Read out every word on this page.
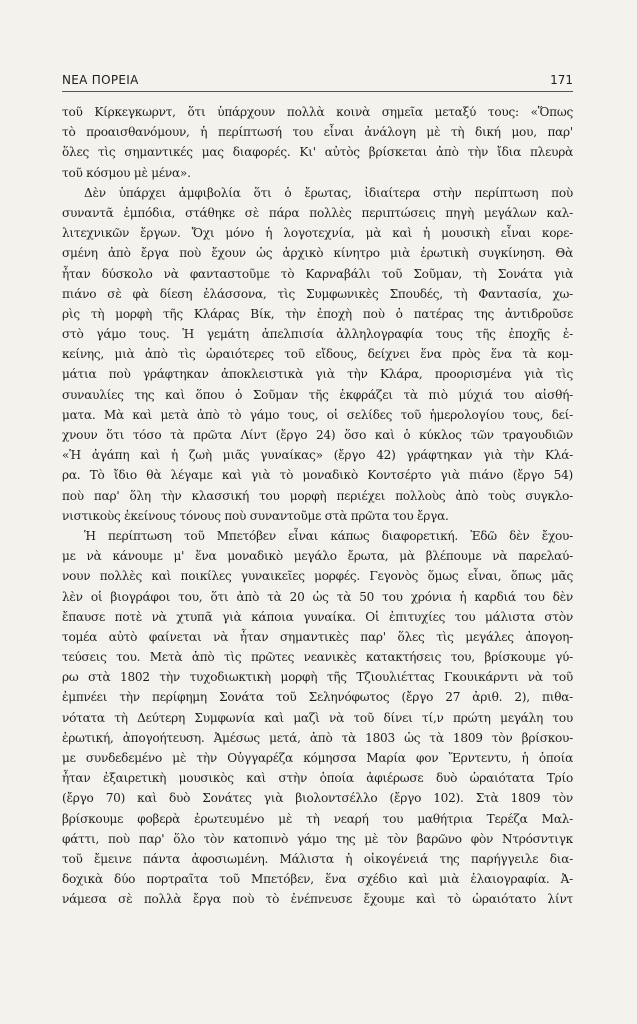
ΝΕΑ ΠΟΡΕΙΑ	171
τοῦ Κίρκεγκωρντ, ὅτι ὑπάρχουν πολλὰ κοινὰ σημεῖα μεταξύ τους: «Ὅπως
τὸ προαισθανόμουν, ἡ περίπτωσή του εἶναι ἀνάλογη μὲ τὴ δική μου, παρ'
ὅλες τὶς σημαντικές μας διαφορές. Κι' αὐτὸς βρίσκεται ἀπὸ τὴν ἴδια πλευρὰ
τοῦ κόσμου μὲ μένα».
Δὲν ὑπάρχει ἀμφιβολία ὅτι ὁ ἔρωτας, ἰδιαίτερα στὴν περίπτωση ποὺ
συναντᾶ ἐμπόδια, στάθηκε σὲ πάρα πολλὲς περιπτώσεις πηγὴ μεγάλων καλ-
λιτεχνικῶν ἔργων. Ὄχι μόνο ἡ λογοτεχνία, μὰ καὶ ἡ μουσικὴ εἶναι κορε-
σμένη ἀπὸ ἔργα ποὺ ἔχουν ὡς ἀρχικὸ κίνητρο μιὰ ἐρωτικὴ συγκίνηση. Θὰ
ἦταν δύσκολο νὰ φανταστοῦμε τὸ Καρναβάλι τοῦ Σοῦμαν, τὴ Σονάτα γιὰ
πιάνο σὲ φὰ δίεση ἐλάσσονα, τὶς Συμφωνικὲς Σπουδές, τὴ Φαντασία, χω-
ρὶς τὴ μορφὴ τῆς Κλάρας Βίκ, τὴν ἐποχὴ ποὺ ὁ πατέρας της ἀντιδροῦσε
στὸ γάμο τους. Ἡ γεμάτη ἀπελπισία ἀλληλογραφία τους τῆς ἐποχῆς ἐ-
κείνης, μιὰ ἀπὸ τὶς ὡραιότερες τοῦ εἴδους, δείχνει ἕνα πρὸς ἕνα τὰ κομ-
μάτια ποὺ γράφτηκαν ἀποκλειστικὰ γιὰ τὴν Κλάρα, προορισμένα γιὰ τὶς
συναυλίες της καὶ ὅπου ὁ Σοῦμαν τῆς ἐκφράζει τὰ πιὸ μύχιά του αἰσθή-
ματα. Μὰ καὶ μετὰ ἀπὸ τὸ γάμο τους, οἱ σελίδες τοῦ ἡμερολογίου τους, δεί-
χνουν ὅτι τόσο τὰ πρῶτα Λίντ (ἔργο 24) ὅσο καὶ ὁ κύκλος τῶν τραγουδιῶν
«Ἡ ἀγάπη καὶ ἡ ζωὴ μιᾶς γυναίκας» (ἔργο 42) γράφτηκαν γιὰ τὴν Κλά-
ρα. Τὸ ἴδιο θὰ λέγαμε καὶ γιὰ τὸ μοναδικὸ Κοντσέρτο γιὰ πιάνο (ἔργο 54)
ποὺ παρ' ὅλη τὴν κλασσική του μορφὴ περιέχει πολλοὺς ἀπὸ τοὺς συγκλο-
νιστικοὺς ἐκείνους τόνους ποὺ συναντοῦμε στὰ πρῶτα του ἔργα.
Ἡ περίπτωση τοῦ Μπετόβεν εἶναι κάπως διαφορετική. Ἐδῶ δὲν ἔχου-
με νὰ κάνουμε μ' ἕνα μοναδικὸ μεγάλο ἔρωτα, μὰ βλέπουμε νὰ παρελαύ-
νουν πολλὲς καὶ ποικίλες γυναικεῖες μορφές. Γεγονὸς ὅμως εἶναι, ὅπως μᾶς
λὲν οἱ βιογράφοι του, ὅτι ἀπὸ τὰ 20 ὡς τὰ 50 του χρόνια ἡ καρδιά του δὲν
ἔπαυσε ποτὲ νὰ χτυπᾶ γιὰ κάποια γυναίκα. Οἱ ἐπιτυχίες του μάλιστα στὸν
τομέα αὐτὸ φαίνεται νὰ ἦταν σημαντικὲς παρ' ὅλες τὶς μεγάλες ἀπογοη-
τεύσεις του. Μετὰ ἀπὸ τὶς πρῶτες νεανικὲς κατακτήσεις του, βρίσκουμε γύ-
ρω στὰ 1802 τὴν τυχοδιωκτικὴ μορφὴ τῆς Τζιουλιέττας Γκουικάρντι νὰ τοῦ
ἐμπνέει τὴν περίφημη Σονάτα τοῦ Σεληνόφωτος (ἔργο 27 ἀριθ. 2), πιθα-
νότατα τὴ Δεύτερη Συμφωνία καὶ μαζὶ νὰ τοῦ δίνει τί,ν πρώτη μεγάλη του
ἐρωτική, ἀπογοήτευση. Ἀμέσως μετά, ἀπὸ τὰ 1803 ὡς τὰ 1809 τὸν βρίσκου-
με συνδεδεμένο μὲ τὴν Οὐγγαρέζα κόμησσα Μαρία φον Ἔρντεντυ, ἡ ὁποία
ἦταν ἐξαιρετικὴ μουσικὸς καὶ στὴν ὁποία ἀφιέρωσε δυὸ ὡραιότατα Τρίο
(ἔργο 70) καὶ δυὸ Σονάτες γιὰ βιολοντσέλλο (ἔργο 102). Στὰ 1809 τὸν
βρίσκουμε φοβερὰ ἐρωτευμένο μὲ τὴ νεαρή του μαθήτρια Τερέζα Μαλ-
φάττι, ποὺ παρ' ὅλο τὸν κατοπινὸ γάμο της μὲ τὸν βαρῶνο φὸν Ντρόσντιγκ
τοῦ ἔμεινε πάντα ἀφοσιωμένη. Μάλιστα ἡ οἰκογένειά της παρήγγειλε δια-
δοχικὰ δύο πορτραῖτα τοῦ Μπετόβεν, ἕνα σχέδιο καὶ μιὰ ἐλαιογραφία. Ἀ-
νάμεσα σὲ πολλὰ ἔργα ποὺ τὸ ἐνέπνευσε ἔχουμε καὶ τὸ ὡραιότατο λίντ
